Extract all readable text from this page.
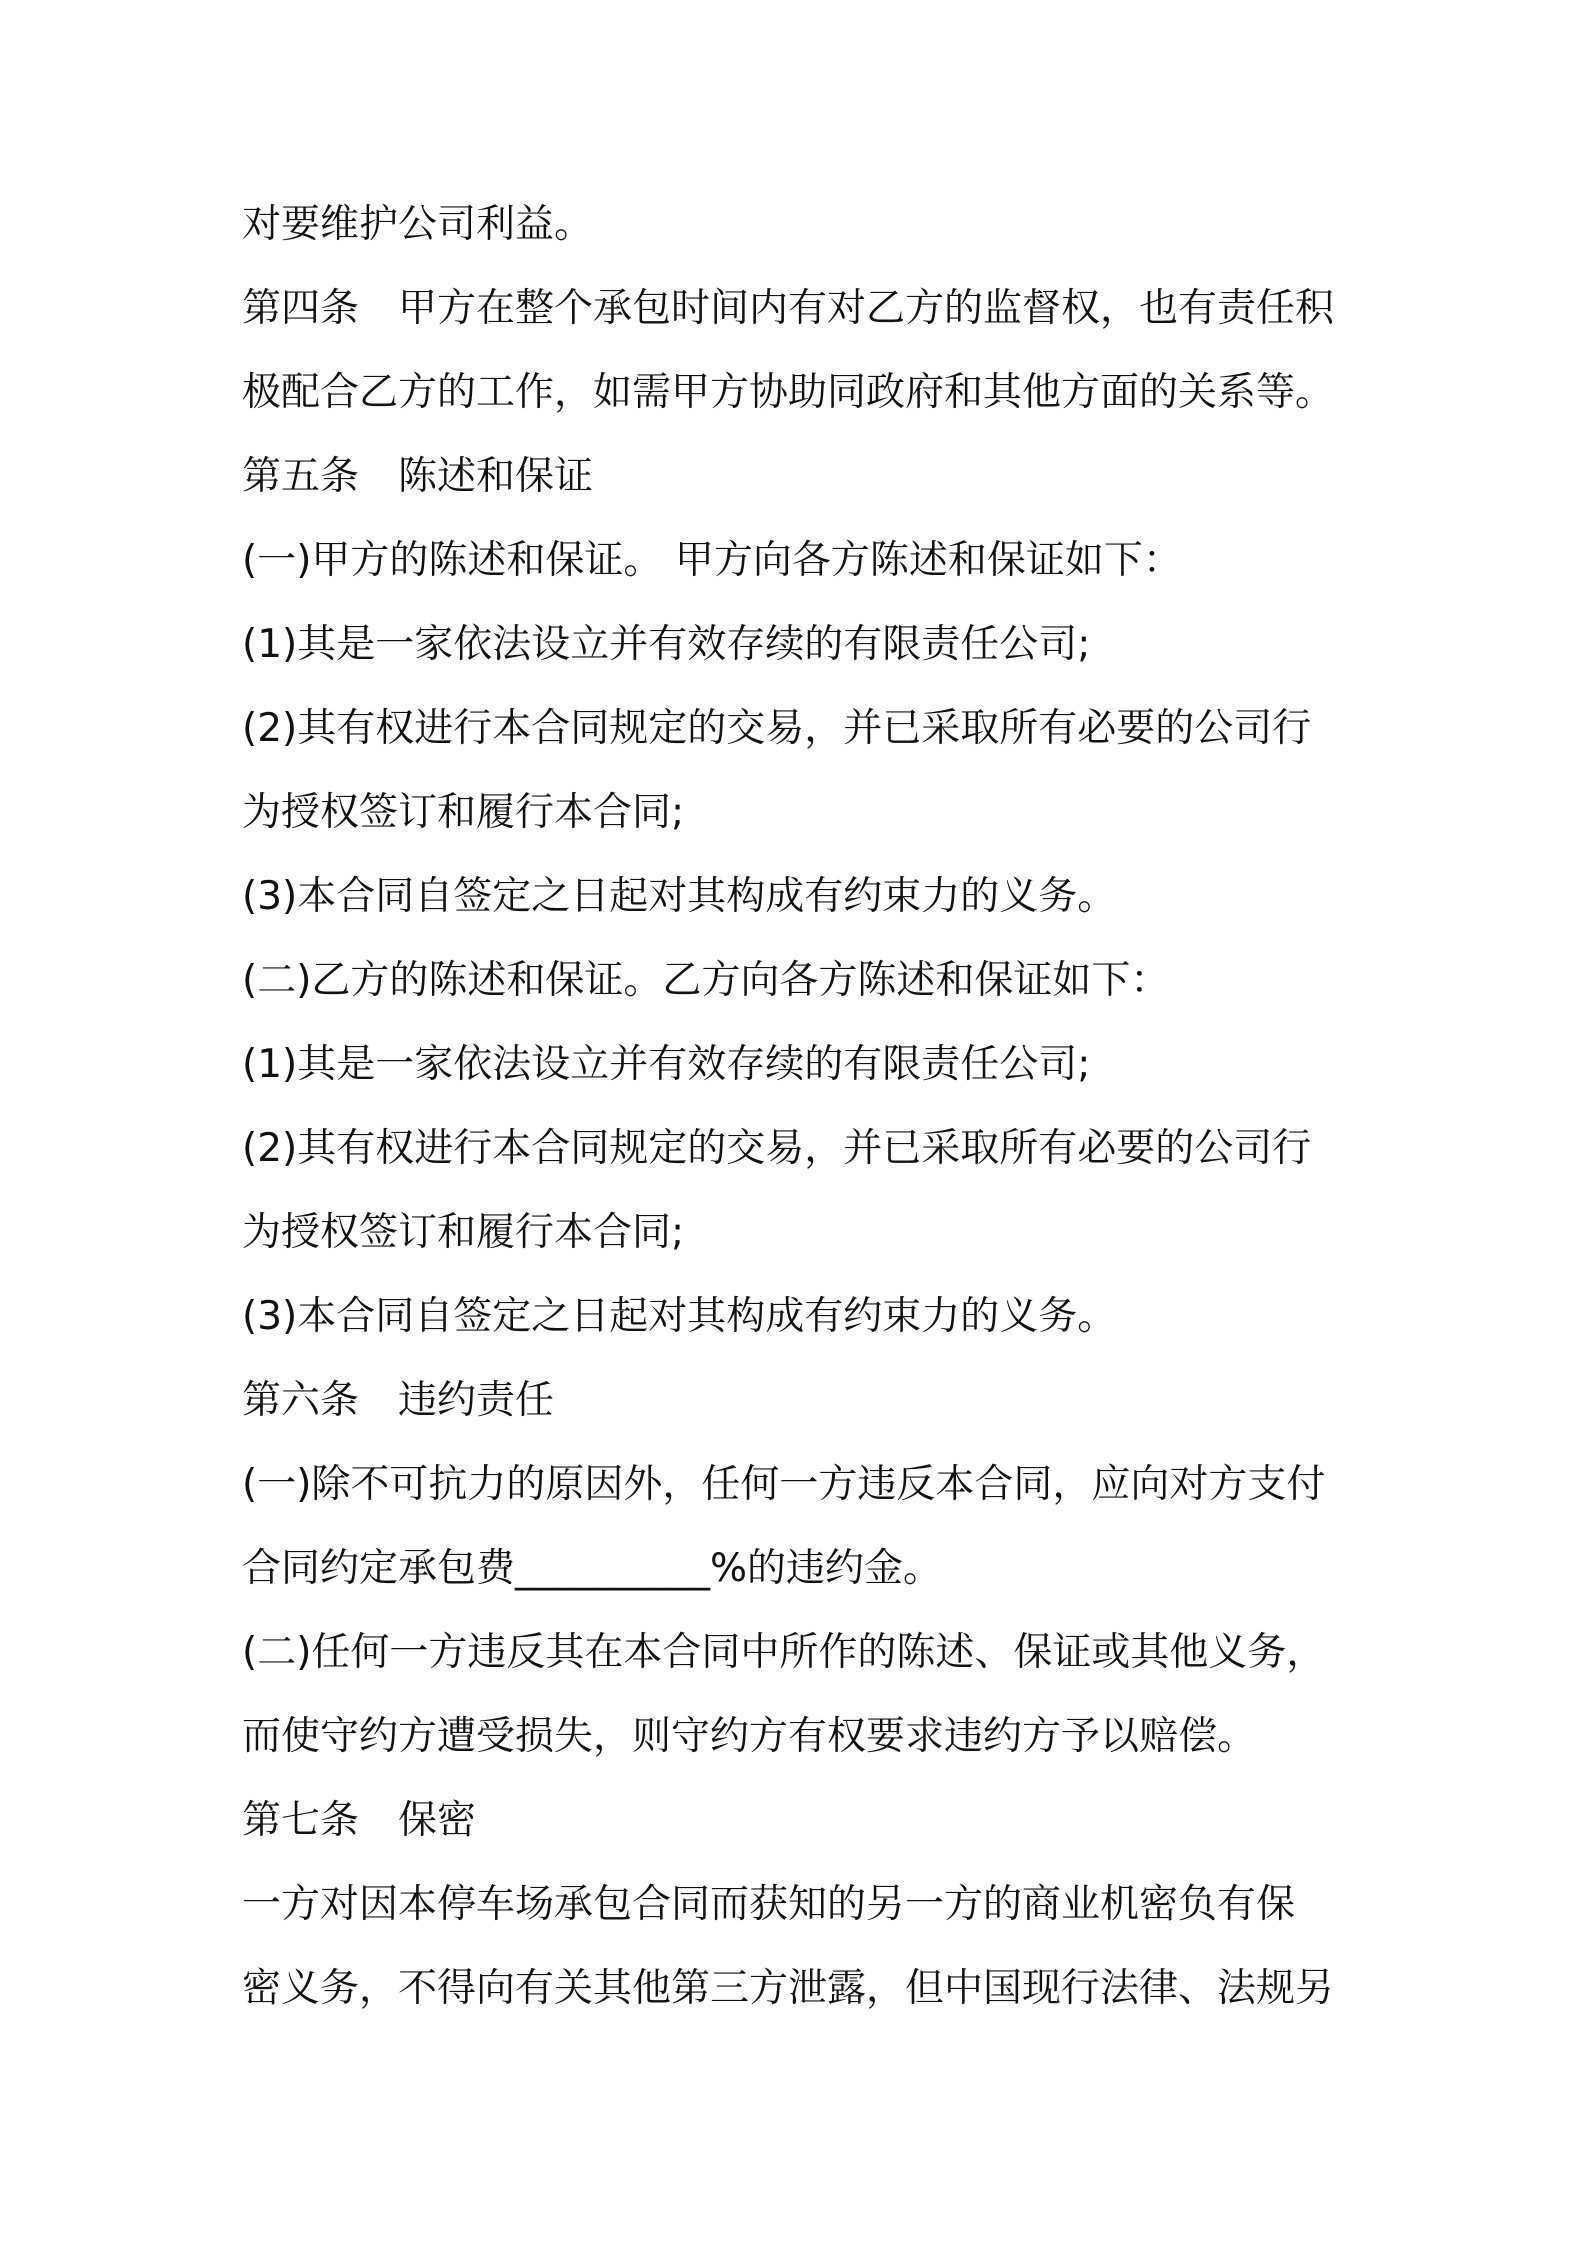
对要维护公司利益。
第四条　甲方在整个承包时间内有对乙方的监督权，也有责任积
极配合乙方的工作，如需甲方协助同政府和其他方面的关系等。
第五条　陈述和保证
(一)甲方的陈述和保证。 甲方向各方陈述和保证如下：
(1)其是一家依法设立并有效存续的有限责任公司;
(2)其有权进行本合同规定的交易，并已采取所有必要的公司行
为授权签订和履行本合同;
(3)本合同自签定之日起对其构成有约束力的义务。
(二)乙方的陈述和保证。乙方向各方陈述和保证如下：
(1)其是一家依法设立并有效存续的有限责任公司;
(2)其有权进行本合同规定的交易，并已采取所有必要的公司行
为授权签订和履行本合同;
(3)本合同自签定之日起对其构成有约束力的义务。
第六条　违约责任
(一)除不可抗力的原因外，任何一方违反本合同，应向对方支付
合同约定承包费__________%的违约金。
(二)任何一方违反其在本合同中所作的陈述、保证或其他义务，
而使守约方遭受损失，则守约方有权要求违约方予以赔偿。
第七条　保密
一方对因本停车场承包合同而获知的另一方的商业机密负有保
密义务，不得向有关其他第三方泄露，但中国现行法律、法规另
